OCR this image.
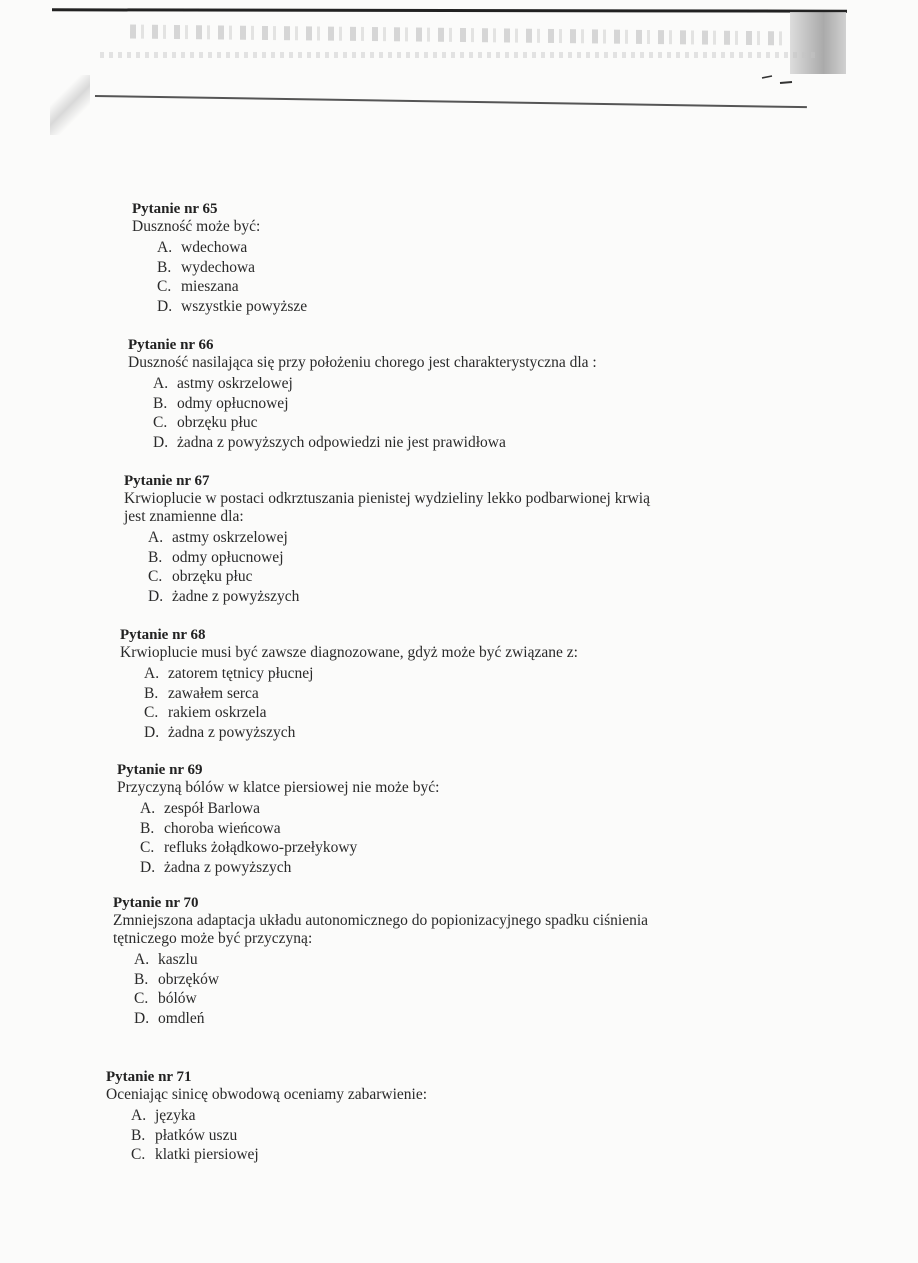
Pytanie nr 65

Duszność może być:

A. wdechowa
B. wydechowa
C. mieszana
D. wszystkie powyższe

Pytanie nr 66

Duszność nasilająca się przy położeniu chorego jest charakterystyczna dla :

A. astmy oskrzelowej
B. odmy opłucnowej
C. obrzęku płuc
D. żadna z powyższych odpowiedzi nie jest prawidłowa

Pytanie nr 67

Krwioplucie w postaci odkrztuszania pienistej wydzieliny lekko podbarwionej krwią

jest znamienne dla:

A. astmy oskrzelowej
B. odmy opłucnowej
C. obrzęku płuc
D. żadne z powyższych

Pytanie nr 68

Krwioplucie musi być zawsze diagnozowane, gdyż może być związane z:

A. zatorem tętnicy płucnej
B. zawałem serca
C. rakiem oskrzela
D. żadna z powyższych

Pytanie nr 69

Przyczyną bólów w klatce piersiowej nie może być:

A. zespół Barlowa
B. choroba wieńcowa
C. refluks żołądkowo-przełykowy
D. żadna z powyższych

Pytanie nr 70

Zmniejszona adaptacja układu autonomicznego do popionizacyjnego spadku ciśnienia

tętniczego może być przyczyną:

A. kaszlu
B. obrzęków
C. bólów
D. omdleń

Pytanie nr 71

Oceniając sinicę obwodową oceniamy zabarwienie:

A. języka
B. płatków uszu
C. klatki piersiowej
